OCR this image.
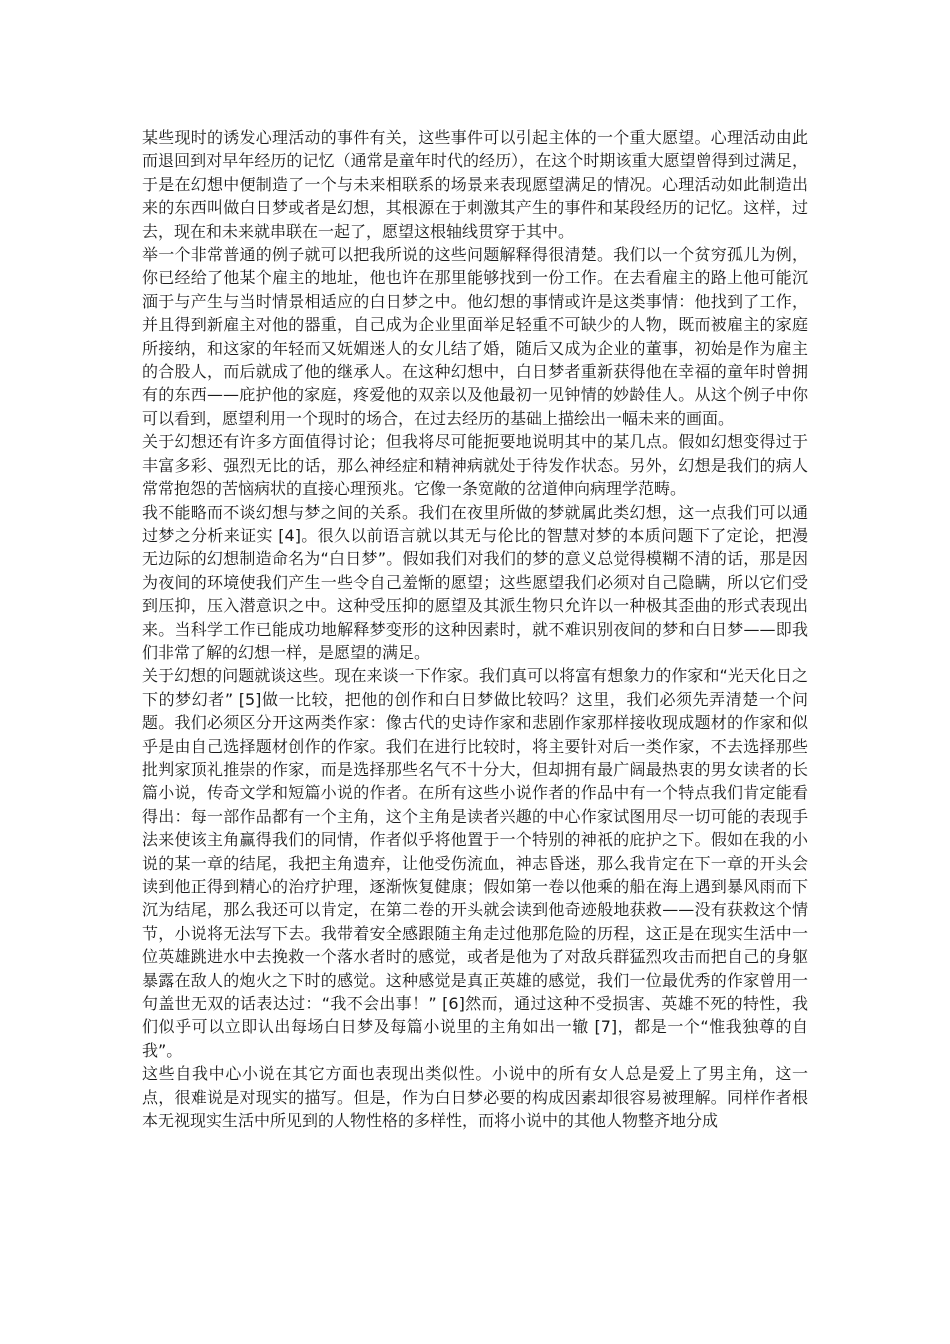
某些现时的诱发心理活动的事件有关，这些事件可以引起主体的一个重大愿望。心理活动由此而退回到对早年经历的记忆（通常是童年时代的经历），在这个时期该重大愿望曾得到过满足，于是在幻想中便制造了一个与未来相联系的场景来表现愿望满足的情况。心理活动如此制造出来的东西叫做白日梦或者是幻想，其根源在于刺激其产生的事件和某段经历的记忆。这样，过去，现在和未来就串联在一起了，愿望这根轴线贯穿于其中。

举一个非常普通的例子就可以把我所说的这些问题解释得很清楚。我们以一个贫穷孤儿为例，你已经给了他某个雇主的地址，他也许在那里能够找到一份工作。在去看雇主的路上他可能沉湎于与产生与当时情景相适应的白日梦之中。他幻想的事情或许是这类事情：他找到了工作，并且得到新雇主对他的器重，自己成为企业里面举足轻重不可缺少的人物，既而被雇主的家庭所接纳，和这家的年轻而又妩媚迷人的女儿结了婚，随后又成为企业的董事，初始是作为雇主的合股人，而后就成了他的继承人。在这种幻想中，白日梦者重新获得他在幸福的童年时曾拥有的东西——庇护他的家庭，疼爱他的双亲以及他最初一见钟情的妙龄佳人。从这个例子中你可以看到，愿望利用一个现时的场合，在过去经历的基础上描绘出一幅未来的画面。

关于幻想还有许多方面值得讨论；但我将尽可能扼要地说明其中的某几点。假如幻想变得过于丰富多彩、强烈无比的话，那么神经症和精神病就处于待发作状态。另外，幻想是我们的病人常常抱怨的苦恼病状的直接心理预兆。它像一条宽敞的岔道伸向病理学范畴。

我不能略而不谈幻想与梦之间的关系。我们在夜里所做的梦就属此类幻想，这一点我们可以通过梦之分析来证实 [4]。很久以前语言就以其无与伦比的智慧对梦的本质问题下了定论，把漫无边际的幻想制造命名为“白日梦”。假如我们对我们的梦的意义总觉得模糊不清的话，那是因为夜间的环境使我们产生一些令自己羞惭的愿望；这些愿望我们必须对自己隐瞒，所以它们受到压抑，压入潜意识之中。这种受压抑的愿望及其派生物只允许以一种极其歪曲的形式表现出来。当科学工作已能成功地解释梦变形的这种因素时，就不难识别夜间的梦和白日梦——即我们非常了解的幻想一样，是愿望的满足。

关于幻想的问题就谈这些。现在来谈一下作家。我们真可以将富有想象力的作家和“光天化日之下的梦幻者” [5]做一比较，把他的创作和白日梦做比较吗？这里，我们必须先弄清楚一个问题。我们必须区分开这两类作家：像古代的史诗作家和悲剧作家那样接收现成题材的作家和似乎是由自己选择题材创作的作家。我们在进行比较时，将主要针对后一类作家，不去选择那些批判家顶礼推崇的作家，而是选择那些名气不十分大，但却拥有最广阔最热衷的男女读者的长篇小说，传奇文学和短篇小说的作者。在所有这些小说作者的作品中有一个特点我们肯定能看得出：每一部作品都有一个主角，这个主角是读者兴趣的中心作家试图用尽一切可能的表现手法来使该主角赢得我们的同情，作者似乎将他置于一个特别的神祇的庇护之下。假如在我的小说的某一章的结尾，我把主角遗弃，让他受伤流血，神志昏迷，那么我肯定在下一章的开头会读到他正得到精心的治疗护理，逐渐恢复健康；假如第一卷以他乘的船在海上遇到暴风雨而下沉为结尾，那么我还可以肯定，在第二卷的开头就会读到他奇迹般地获救——没有获救这个情节，小说将无法写下去。我带着安全感跟随主角走过他那危险的历程，这正是在现实生活中一位英雄跳进水中去挽救一个落水者时的感觉，或者是他为了对敌兵群猛烈攻击而把自己的身躯暴露在敌人的炮火之下时的感觉。这种感觉是真正英雄的感觉，我们一位最优秀的作家曾用一句盖世无双的话表达过：“我不会出事！” [6]然而，通过这种不受损害、英雄不死的特性，我们似乎可以立即认出每场白日梦及每篇小说里的主角如出一辙 [7]，都是一个“惟我独尊的自我”。

这些自我中心小说在其它方面也表现出类似性。小说中的所有女人总是爱上了男主角，这一点，很难说是对现实的描写。但是，作为白日梦必要的构成因素却很容易被理解。同样作者根本无视现实生活中所见到的人物性格的多样性，而将小说中的其他人物整齐地分成
